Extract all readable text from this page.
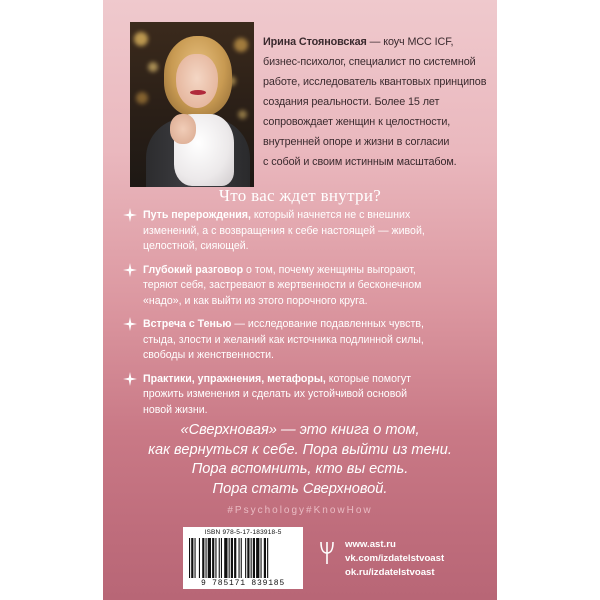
Ирина Стояновская — коуч MCC ICF,
бизнес-психолог, специалист по системной
работе, исследователь квантовых принципов
создания реальности. Более 15 лет
сопровождает женщин к целостности,
внутренней опоре и жизни в согласии
с собой и своим истинным масштабом.
Что вас ждет внутри?
Путь перерождения, который начнется не с внешних
изменений, а с возвращения к себе настоящей — живой,
целостной, сияющей.
Глубокий разговор о том, почему женщины выгорают,
теряют себя, застревают в жертвенности и бесконечном
«надо», и как выйти из этого порочного круга.
Встреча с Тенью — исследование подавленных чувств,
стыда, злости и желаний как источника подлинной силы,
свободы и женственности.
Практики, упражнения, метафоры, которые помогут
прожить изменения и сделать их устойчивой основой
новой жизни.
«Сверхновая» — это книга о том,
как вернуться к себе. Пора выйти из тени.
Пора вспомнить, кто вы есть.
Пора стать Сверхновой.
#Psychology#KnowHow
ISBN 978-5-17-183918-5
9 785171 839185
www.ast.ru
vk.com/izdatelstvoast
ok.ru/izdatelstvoast
